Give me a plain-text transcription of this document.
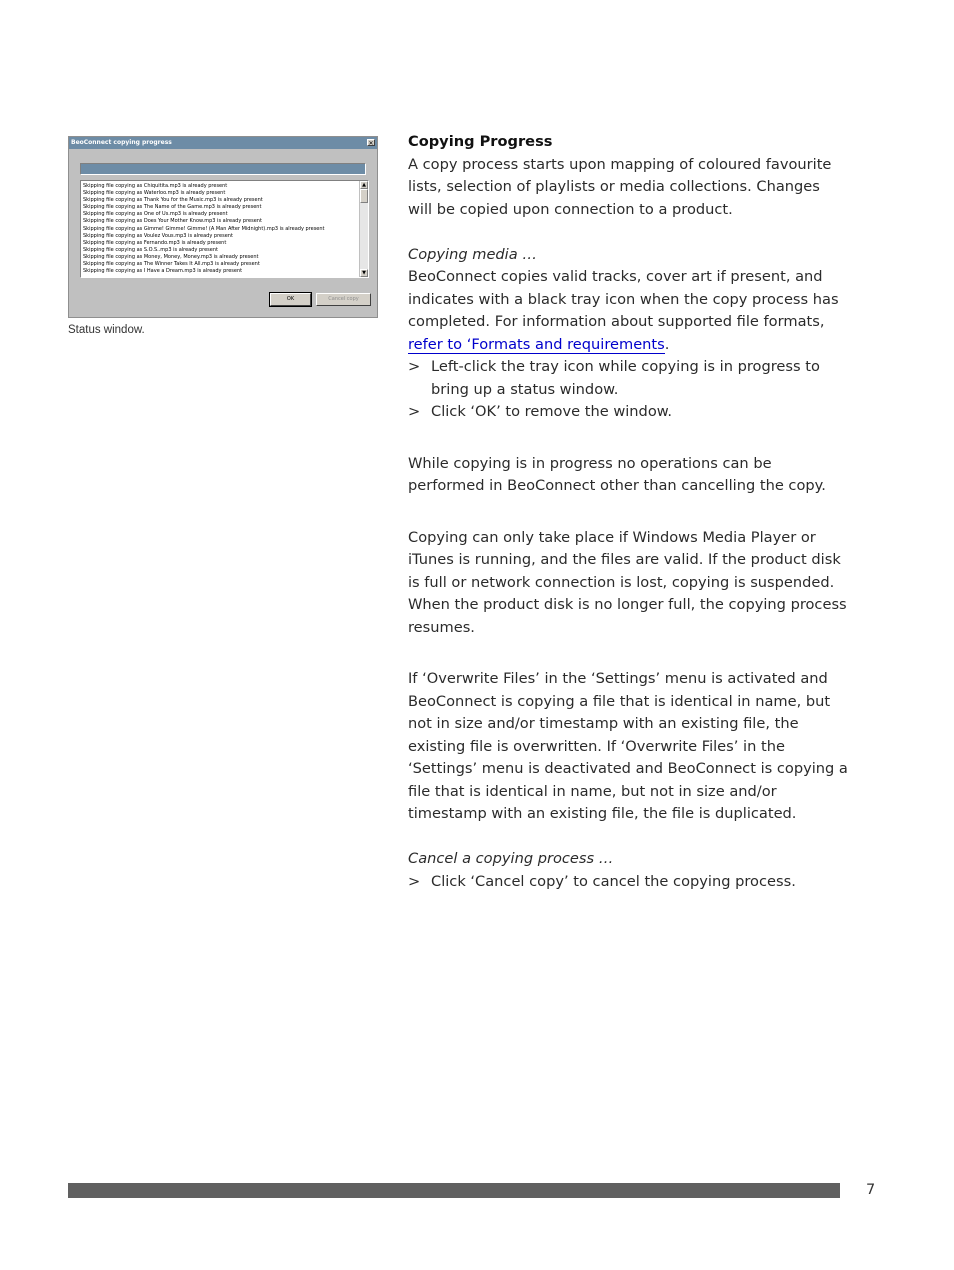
BeoConnect copying progress	✕
Skipping file copying as Chiquitita.mp3 is already present
Skipping file copying as Waterloo.mp3 is already present
Skipping file copying as Thank You for the Music.mp3 is already present
Skipping file copying as The Name of the Game.mp3 is already present
Skipping file copying as One of Us.mp3 is already present
Skipping file copying as Does Your Mother Know.mp3 is already present
Skipping file copying as Gimme! Gimme! Gimme! (A Man After Midnight).mp3 is already present
Skipping file copying as Voulez Vous.mp3 is already present
Skipping file copying as Fernando.mp3 is already present
Skipping file copying as S.O.S..mp3 is already present
Skipping file copying as Money, Money, Money.mp3 is already present
Skipping file copying as The Winner Takes It All.mp3 is already present
Skipping file copying as I Have a Dream.mp3 is already present
▲
▼
OK	Cancel copy
Status window.

Copying Progress

A copy process starts upon mapping of coloured favourite lists, selection of playlists or media collections. Changes will be copied upon connection to a product.

Copying media …

BeoConnect copies valid tracks, cover art if present, and indicates with a black tray icon when the copy process has completed. For information about supported file formats, refer to ‘Formats and requirements.

> Left-click the tray icon while copying is in progress to bring up a status window.

> Click ‘OK’ to remove the window.

While copying is in progress no operations can be performed in BeoConnect other than cancelling the copy.

Copying can only take place if Windows Media Player or iTunes is running, and the files are valid. If the product disk is full or network connection is lost, copying is suspended. When the product disk is no longer full, the copying process resumes.

If ‘Overwrite Files’ in the ‘Settings’ menu is activated and BeoConnect is copying a file that is identical in name, but not in size and/or timestamp with an existing file, the existing file is overwritten. If ‘Overwrite Files’ in the ‘Settings’ menu is deactivated and BeoConnect is copying a file that is identical in name, but not in size and/or timestamp with an existing file, the file is duplicated.

Cancel a copying process …

> Click ‘Cancel copy’ to cancel the copying process.

7
